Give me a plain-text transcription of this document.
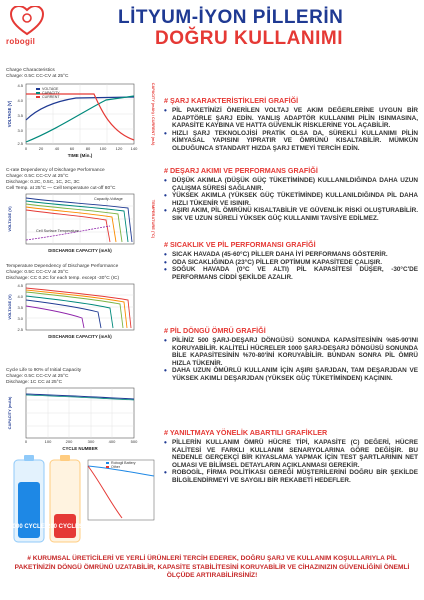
robogil
LİTYUM-İYON PİLLERİN
DOĞRU KULLANIMI
Charge Characteristics
Charge: 0.5C CC-CV at 25°C
4.5
4.0
3.5
3.0
2.5
0	20	40	60	80 100 120 140
TIME (Min.)
VOLTAGE (V)	CAPACITY (mAh) / CURRENT (mA)
VOLTAGE
CAPACITY
CURRENT
C-rate Dependency of Discharge Performance
Charge: 0.5C CC-CV at 25°C
Discharge: 0.2C, 0.5C, 1C, 2C, 3C
Cell Temp. at 25°C — Cell temperature cut-off 80°C
Capacity-Voltage
Cell Surface Temperature
DISCHARGE CAPACITY (mAh)
VOLTAGE (V)	TEMPERATURE (°C)
Temperature Dependency of Discharge Performance
Charge: 0.5C CC-CV at 25°C
Discharge: CC 0.2C for each temp. except -30°C (IC)
4.5
4.0
3.5
3.0
2.5
DISCHARGE CAPACITY (mAh)
VOLTAGE (V)
Cycle Life to 90% of Initial Capacity
Charge: 0.5C CC-CV at 25°C
Discharge: 1C CC at 25°C
0	100	200	300	400	500
CYCLE NUMBER
CAPACITY (mAh)
1000 CYCLES
200 CYCLES
Robogil Battery
Other
# ŞARJ KARAKTERİSTİKLERİ GRAFİĞİ
• PİL PAKETİNİZİ ÖNERİLEN VOLTAJ VE AKIM DEĞERLERİNE UYGUN BİR ADAPTÖRLE ŞARJ EDİN. YANLIŞ ADAPTÖR KULLANIMI PİLİN ISINMASINA, KAPASİTE KAYBINA VE HATTA GÜVENLİK RİSKLERİNE YOL AÇABİLİR.
• HIZLI ŞARJ TEKNOLOJİSİ PRATİK OLSA DA, SÜREKLİ KULLANIMI PİLİN KİMYASAL YAPISINI YIPRATIR VE ÖMRÜNÜ KISALTABİLİR. MÜMKÜN OLDUĞUNCA STANDART HIZDA ŞARJ ETMEYİ TERCİH EDİN.
# DEŞARJ AKIMI VE PERFORMANS GRAFİĞİ
• DÜŞÜK AKIMLA (DÜŞÜK GÜÇ TÜKETİMİNDE) KULLANILDIĞINDA DAHA UZUN ÇALIŞMA SÜRESİ SAĞLANIR.
• YÜKSEK AKIMLA (YÜKSEK GÜÇ TÜKETİMİNDE) KULLANILDIĞINDA PİL DAHA HIZLI TÜKENİR VE ISINIR.
• AŞIRI AKIM, PİL ÖMRÜNÜ KISALTABİLİR VE GÜVENLİK RİSKİ OLUŞTURABİLİR. SIK VE UZUN SÜRELİ YÜKSEK GÜÇ KULLANIMI TAVSİYE EDİLMEZ.
# SICAKLIK VE PİL PERFORMANSI GRAFİĞİ
• SICAK HAVADA (45-60°C) PİLLER DAHA İYİ PERFORMANS GÖSTERİR.
• ODA SICAKLIĞINDA (23°C) PİLLER OPTİMUM KAPASİTEDE ÇALIŞIR.
• SOĞUK HAVADA (0°C VE ALTI) PİL KAPASİTESİ DÜŞER, -30°C'DE PERFORMANS CİDDİ ŞEKİLDE AZALIR.
# PİL DÖNGÜ ÖMRÜ GRAFİĞİ
• PİLİNİZ 500 ŞARJ-DEŞARJ DÖNGÜSÜ SONUNDA KAPASİTESİNİN %85-90'INI KORUYABİLİR. KALİTELİ HÜCRELER 1000 ŞARJ-DEŞARJ DÖNGÜSÜ SONUNDA BİLE KAPASİTESİNİN %70-80'İNİ KORUYABİLİR. BUNDAN SONRA PİL ÖMRÜ HIZLA TÜKENİR.
• DAHA UZUN ÖMÜRLÜ KULLANIM İÇİN AŞIRI ŞARJDAN, TAM DEŞARJDAN VE YÜKSEK AKIMLI DEŞARJDAN (YÜKSEK GÜÇ TÜKETİMİNDEN) KAÇININ.
# YANILTMAYA YÖNELİK ABARTILI GRAFİKLER
• PİLLERİN KULLANIM ÖMRÜ HÜCRE TİPİ, KAPASİTE (C) DEĞERİ, HÜCRE KALİTESİ VE FARKLI KULLANIM SENARYOLARINA GÖRE DEĞİŞİR. BU NEDENLE GERÇEKÇİ BİR KIYASLAMA YAPMAK İÇİN TEST ŞARTLARININ NET OLMASI VE BİLİMSEL DETAYLARIN AÇIKLANMASI GEREKİR.
• ROBOGİL, FİRMA POLİTİKASI GEREĞİ MÜŞTERİLERİNİ DOĞRU BİR ŞEKİLDE BİLGİLENDİRMEYİ VE SAYGILI BİR REKABETİ HEDEFLER.
# KURUMSAL ÜRETİCİLERİ VE YERLİ ÜRÜNLERİ TERCİH EDEREK, DOĞRU ŞARJ VE KULLANIM KOŞULLARIYLA PİL PAKETİNİZİN DÖNGÜ ÖMRÜNÜ UZATABİLİR, KAPASİTE STABİLİTESİNİ KORUYABİLİR VE CİHAZINIZIN GÜVENLİĞİNİ ÖNEMLİ ÖLÇÜDE ARTIRABİLİRSİNİZ!
